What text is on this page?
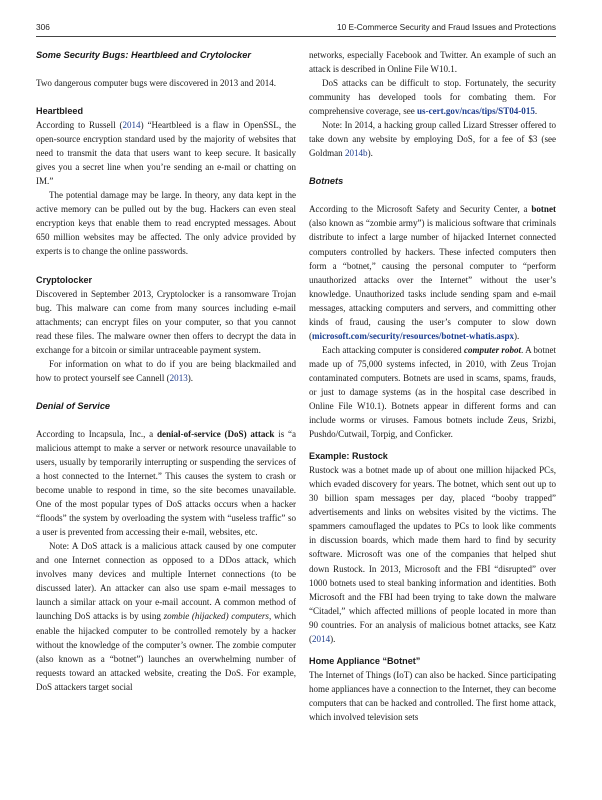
306	10 E-Commerce Security and Fraud Issues and Protections
Some Security Bugs: Heartbleed and Crytolocker

Two dangerous computer bugs were discovered in 2013 and 2014.

Heartbleed

According to Russell (2014) “Heartbleed is a flaw in OpenSSL, the open-source encryption standard used by the majority of websites that need to transmit the data that users want to keep secure. It basically gives you a secret line when you’re sending an e-mail or chatting on IM.”

The potential damage may be large. In theory, any data kept in the active memory can be pulled out by the bug. Hackers can even steal encryption keys that enable them to read encrypted messages. About 650 million websites may be affected. The only advice provided by experts is to change the online passwords.

Cryptolocker

Discovered in September 2013, Cryptolocker is a ransomware Trojan bug. This malware can come from many sources including e-mail attachments; can encrypt files on your computer, so that you cannot read these files. The malware owner then offers to decrypt the data in exchange for a bitcoin or similar untraceable payment system.

For information on what to do if you are being blackmailed and how to protect yourself see Cannell (2013).

Denial of Service

According to Incapsula, Inc., a denial-of-service (DoS) attack is “a malicious attempt to make a server or network resource unavailable to users, usually by temporarily interrupting or suspending the services of a host connected to the Internet.” This causes the system to crash or become unable to respond in time, so the site becomes unavailable. One of the most popular types of DoS attacks occurs when a hacker “floods” the system by overloading the system with “useless traffic” so a user is prevented from accessing their e-mail, websites, etc.

Note: A DoS attack is a malicious attack caused by one computer and one Internet connection as opposed to a DDos attack, which involves many devices and multiple Internet connections (to be discussed later). An attacker can also use spam e-mail messages to launch a similar attack on your e-mail account. A common method of launching DoS attacks is by using zombie (hijacked) computers, which enable the hijacked computer to be controlled remotely by a hacker without the knowledge of the computer’s owner. The zombie computer (also known as a “botnet”) launches an overwhelming number of requests toward an attacked website, creating the DoS. For example, DoS attackers target social

networks, especially Facebook and Twitter. An example of such an attack is described in Online File W10.1.

DoS attacks can be difficult to stop. Fortunately, the security community has developed tools for combating them. For comprehensive coverage, see us-cert.gov/ncas/tips/ST04-015.

Note: In 2014, a hacking group called Lizard Stresser offered to take down any website by employing DoS, for a fee of $3 (see Goldman 2014b).

Botnets

According to the Microsoft Safety and Security Center, a botnet (also known as “zombie army”) is malicious software that criminals distribute to infect a large number of hijacked Internet connected computers controlled by hackers. These infected computers then form a “botnet,” causing the personal computer to “perform unauthorized attacks over the Internet” without the user’s knowledge. Unauthorized tasks include sending spam and e-mail messages, attacking computers and servers, and committing other kinds of fraud, causing the user’s computer to slow down (microsoft.com/security/resources/botnet-whatis.aspx).

Each attacking computer is considered computer robot. A botnet made up of 75,000 systems infected, in 2010, with Zeus Trojan contaminated computers. Botnets are used in scams, spams, frauds, or just to damage systems (as in the hospital case described in Online File W10.1). Botnets appear in different forms and can include worms or viruses. Famous botnets include Zeus, Srizbi, Pushdo/Cutwail, Torpig, and Conficker.

Example: Rustock

Rustock was a botnet made up of about one million hijacked PCs, which evaded discovery for years. The botnet, which sent out up to 30 billion spam messages per day, placed “booby trapped” advertisements and links on websites visited by the victims. The spammers camouflaged the updates to PCs to look like comments in discussion boards, which made them hard to find by security software. Microsoft was one of the companies that helped shut down Rustock. In 2013, Microsoft and the FBI “disrupted” over 1000 botnets used to steal banking information and identities. Both Microsoft and the FBI had been trying to take down the malware “Citadel,” which affected millions of people located in more than 90 countries. For an analysis of malicious botnet attacks, see Katz (2014).

Home Appliance “Botnet”

The Internet of Things (IoT) can also be hacked. Since participating home appliances have a connection to the Internet, they can become computers that can be hacked and controlled. The first home attack, which involved television sets
